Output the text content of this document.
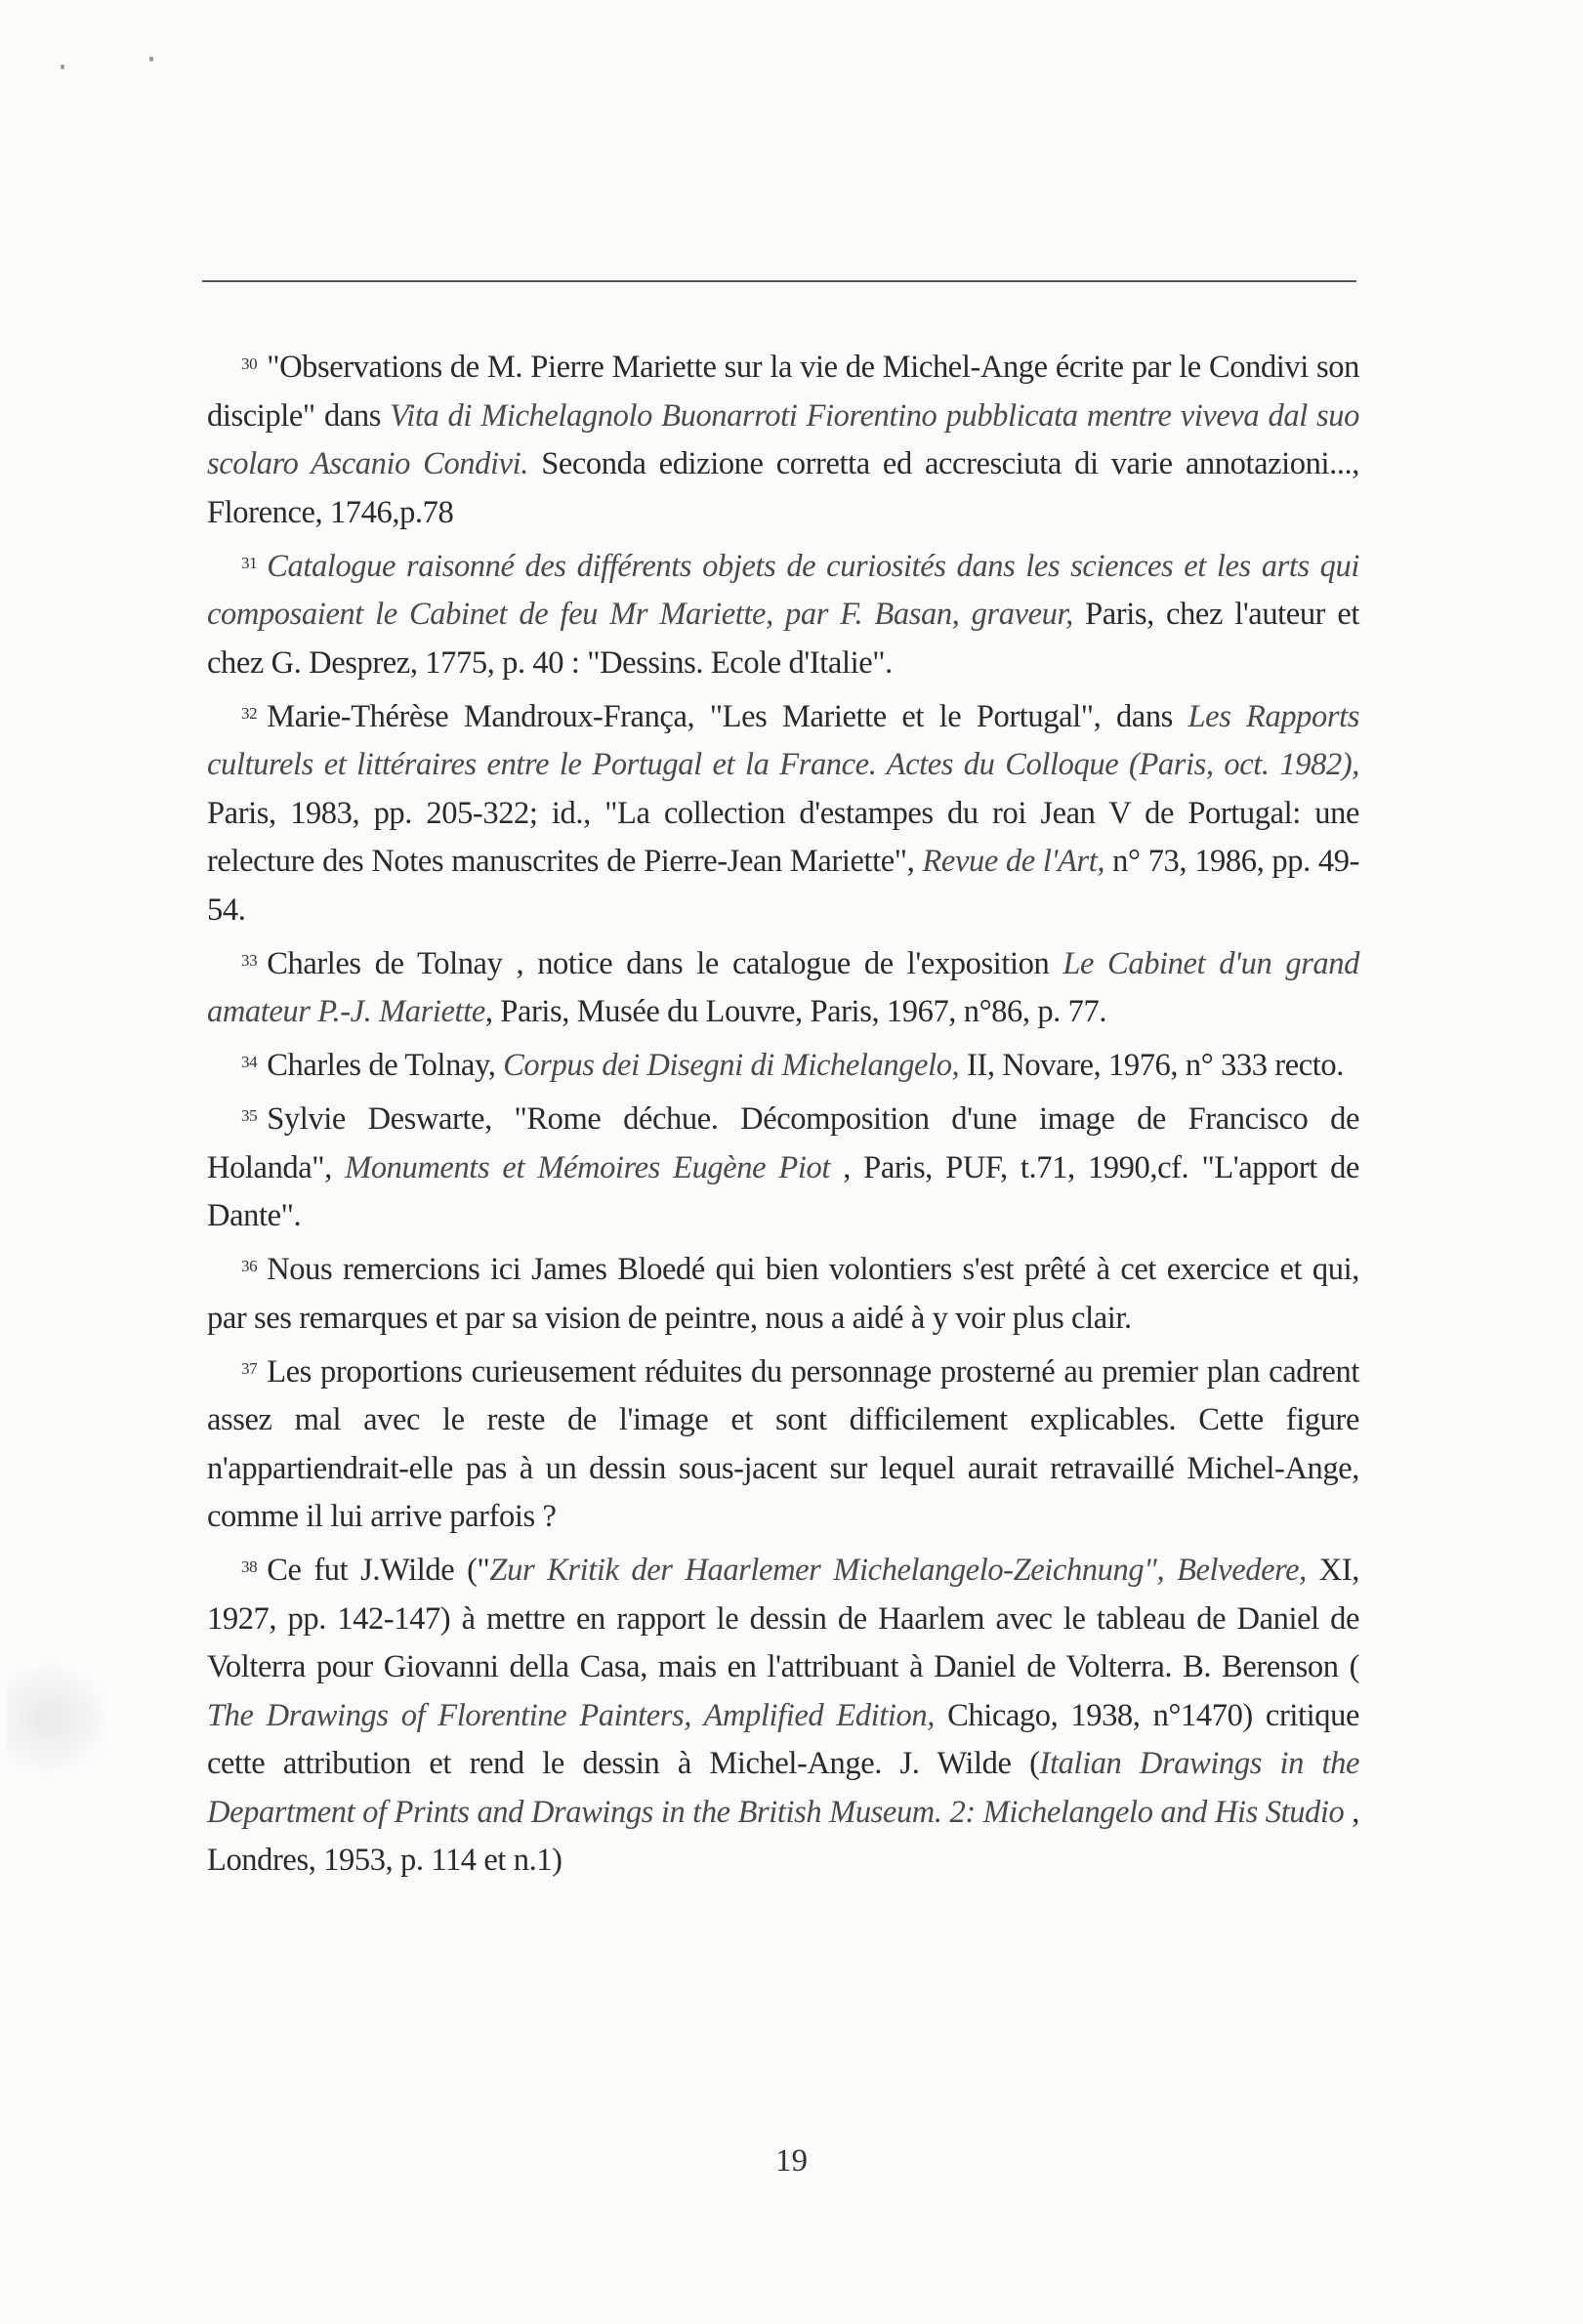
$^{30}$ "Observations de M. Pierre Mariette sur la vie de Michel-Ange écrite par le Condivi son disciple" dans Vita di Michelagnolo Buonarroti Fiorentino pubblicata mentre viveva dal suo scolaro Ascanio Condivi. Seconda edizione corretta ed accresciuta di varie annotazioni..., Florence, 1746,p.78

$^{31}$ Catalogue raisonné des différents objets de curiosités dans les sciences et les arts qui composaient le Cabinet de feu Mr Mariette, par F. Basan, graveur, Paris, chez l'auteur et chez G. Desprez, 1775, p. 40 : "Dessins. Ecole d'Italie".

$^{32}$ Marie-Thérèse Mandroux-França, "Les Mariette et le Portugal", dans Les Rapports culturels et littéraires entre le Portugal et la France. Actes du Colloque (Paris, oct. 1982), Paris, 1983, pp. 205-322; id., "La collection d'estampes du roi Jean V de Portugal: une relecture des Notes manuscrites de Pierre-Jean Mariette", Revue de l'Art, n° 73, 1986, pp. 49-54.

$^{33}$ Charles de Tolnay , notice dans le catalogue de l'exposition Le Cabinet d'un grand amateur P.-J. Mariette, Paris, Musée du Louvre, Paris, 1967, n°86, p. 77.

$^{34}$ Charles de Tolnay, Corpus dei Disegni di Michelangelo, II, Novare, 1976, n° 333 recto.

$^{35}$ Sylvie Deswarte, "Rome déchue. Décomposition d'une image de Francisco de Holanda", Monuments et Mémoires Eugène Piot , Paris, PUF, t.71, 1990,cf. "L'apport de Dante".

$^{36}$ Nous remercions ici James Bloedé qui bien volontiers s'est prêté à cet exercice et qui, par ses remarques et par sa vision de peintre, nous a aidé à y voir plus clair.

$^{37}$ Les proportions curieusement réduites du personnage prosterné au premier plan cadrent assez mal avec le reste de l'image et sont difficilement explicables. Cette figure n'appartiendrait-elle pas à un dessin sous-jacent sur lequel aurait retravaillé Michel-Ange, comme il lui arrive parfois ?

$^{38}$ Ce fut J.Wilde ("Zur Kritik der Haarlemer Michelangelo-Zeichnung", Belvedere, XI, 1927, pp. 142-147) à mettre en rapport le dessin de Haarlem avec le tableau de Daniel de Volterra pour Giovanni della Casa, mais en l'attribuant à Daniel de Volterra. B. Berenson ( The Drawings of Florentine Painters, Amplified Edition, Chicago, 1938, n°1470) critique cette attribution et rend le dessin à Michel-Ange. J. Wilde (Italian Drawings in the Department of Prints and Drawings in the British Museum. 2: Michelangelo and His Studio , Londres, 1953, p. 114 et n.1)

19
